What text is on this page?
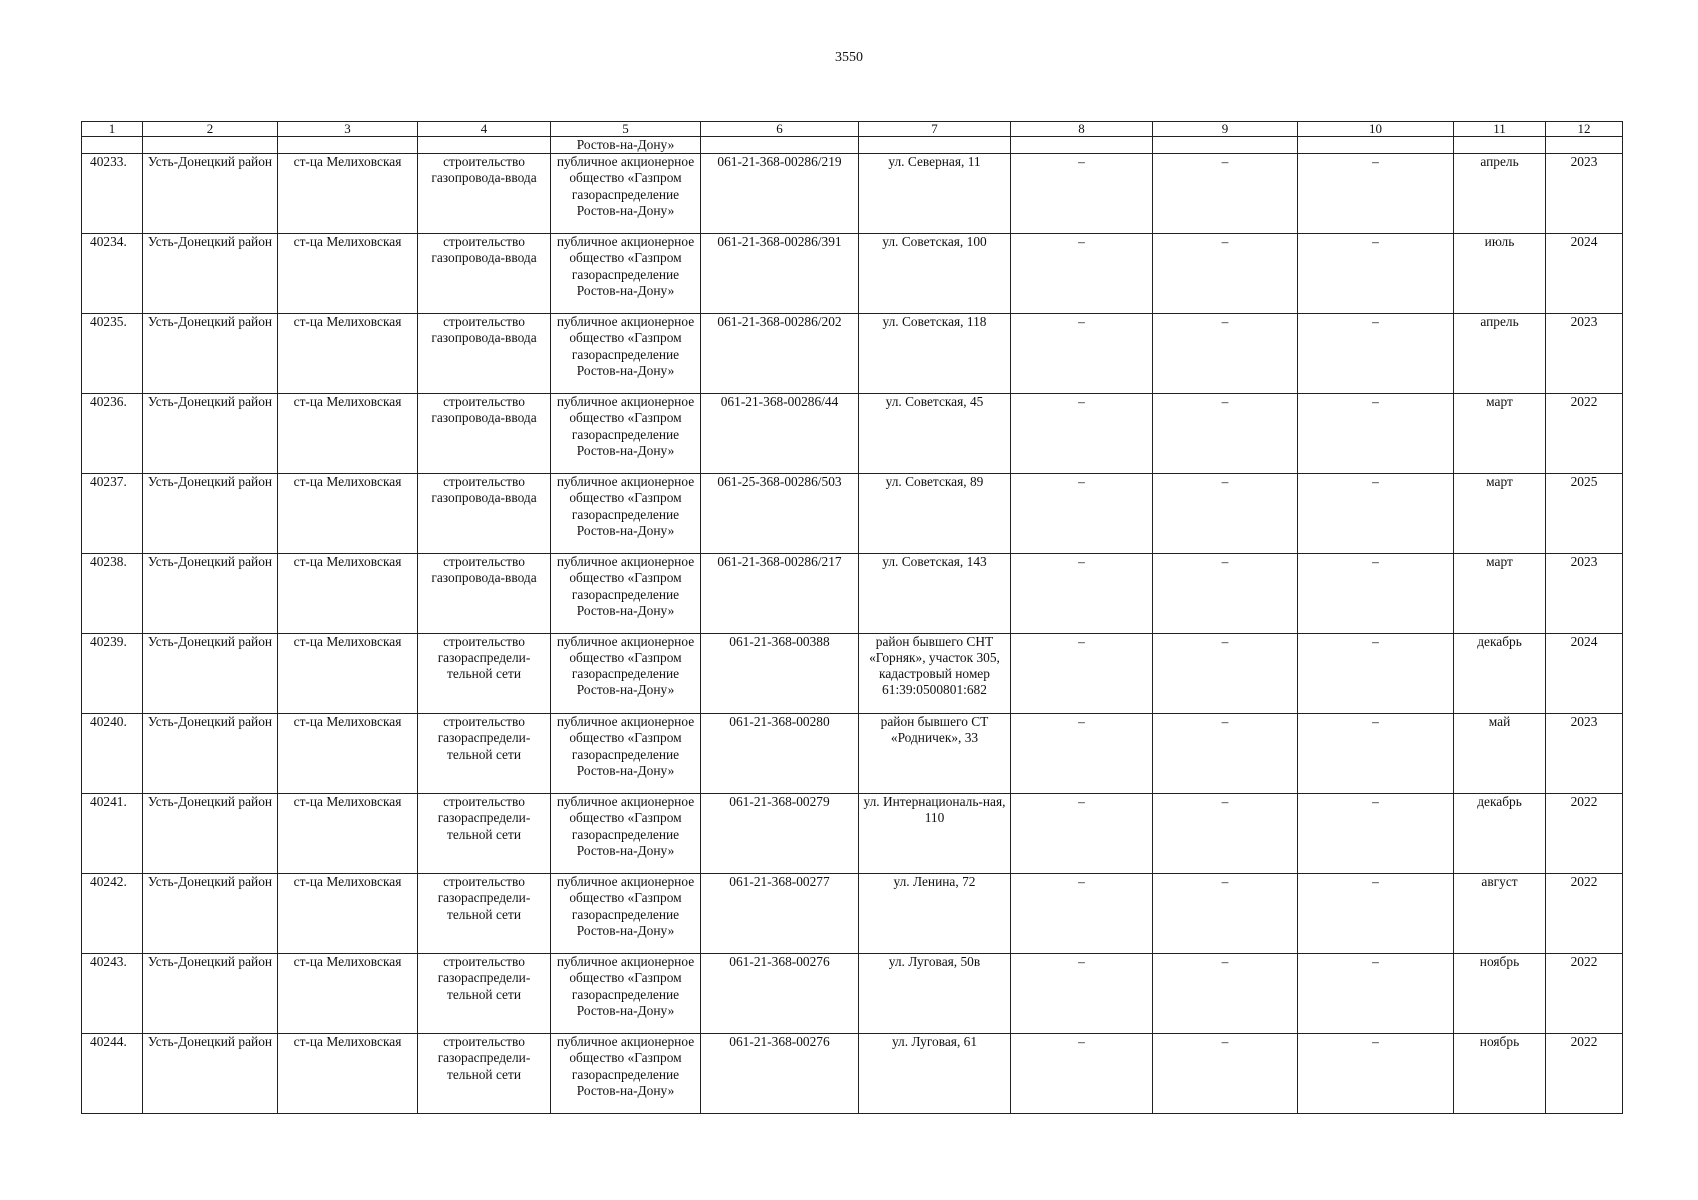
3550
1	2	3	4	5	6	7	8	9	10	11	12
				Ростов-на-Дону»							
40233.	Усть-Донецкий район	ст-ца Мелиховская	строительство газопровода-ввода	публичное акционерное общество «Газпром газораспределение Ростов-на-Дону»	061-21-368-00286/219	ул. Северная, 11	–	–	–	апрель	2023
40234.	Усть-Донецкий район	ст-ца Мелиховская	строительство газопровода-ввода	публичное акционерное общество «Газпром газораспределение Ростов-на-Дону»	061-21-368-00286/391	ул. Советская, 100	–	–	–	июль	2024
40235.	Усть-Донецкий район	ст-ца Мелиховская	строительство газопровода-ввода	публичное акционерное общество «Газпром газораспределение Ростов-на-Дону»	061-21-368-00286/202	ул. Советская, 118	–	–	–	апрель	2023
40236.	Усть-Донецкий район	ст-ца Мелиховская	строительство газопровода-ввода	публичное акционерное общество «Газпром газораспределение Ростов-на-Дону»	061-21-368-00286/44	ул. Советская, 45	–	–	–	март	2022
40237.	Усть-Донецкий район	ст-ца Мелиховская	строительство газопровода-ввода	публичное акционерное общество «Газпром газораспределение Ростов-на-Дону»	061-25-368-00286/503	ул. Советская, 89	–	–	–	март	2025
40238.	Усть-Донецкий район	ст-ца Мелиховская	строительство газопровода-ввода	публичное акционерное общество «Газпром газораспределение Ростов-на-Дону»	061-21-368-00286/217	ул. Советская, 143	–	–	–	март	2023
40239.	Усть-Донецкий район	ст-ца Мелиховская	строительство газораспредели-тельной сети	публичное акционерное общество «Газпром газораспределение Ростов-на-Дону»	061-21-368-00388	район бывшего СНТ «Горняк», участок 305, кадастровый номер 61:39:0500801:682	–	–	–	декабрь	2024
40240.	Усть-Донецкий район	ст-ца Мелиховская	строительство газораспредели-тельной сети	публичное акционерное общество «Газпром газораспределение Ростов-на-Дону»	061-21-368-00280	район бывшего СТ «Родничек», 33	–	–	–	май	2023
40241.	Усть-Донецкий район	ст-ца Мелиховская	строительство газораспредели-тельной сети	публичное акционерное общество «Газпром газораспределение Ростов-на-Дону»	061-21-368-00279	ул. Интернациональ-ная, 110	–	–	–	декабрь	2022
40242.	Усть-Донецкий район	ст-ца Мелиховская	строительство газораспредели-тельной сети	публичное акционерное общество «Газпром газораспределение Ростов-на-Дону»	061-21-368-00277	ул. Ленина, 72	–	–	–	август	2022
40243.	Усть-Донецкий район	ст-ца Мелиховская	строительство газораспредели-тельной сети	публичное акционерное общество «Газпром газораспределение Ростов-на-Дону»	061-21-368-00276	ул. Луговая, 50в	–	–	–	ноябрь	2022
40244.	Усть-Донецкий район	ст-ца Мелиховская	строительство газораспредели-тельной сети	публичное акционерное общество «Газпром газораспределение Ростов-на-Дону»	061-21-368-00276	ул. Луговая, 61	–	–	–	ноябрь	2022
